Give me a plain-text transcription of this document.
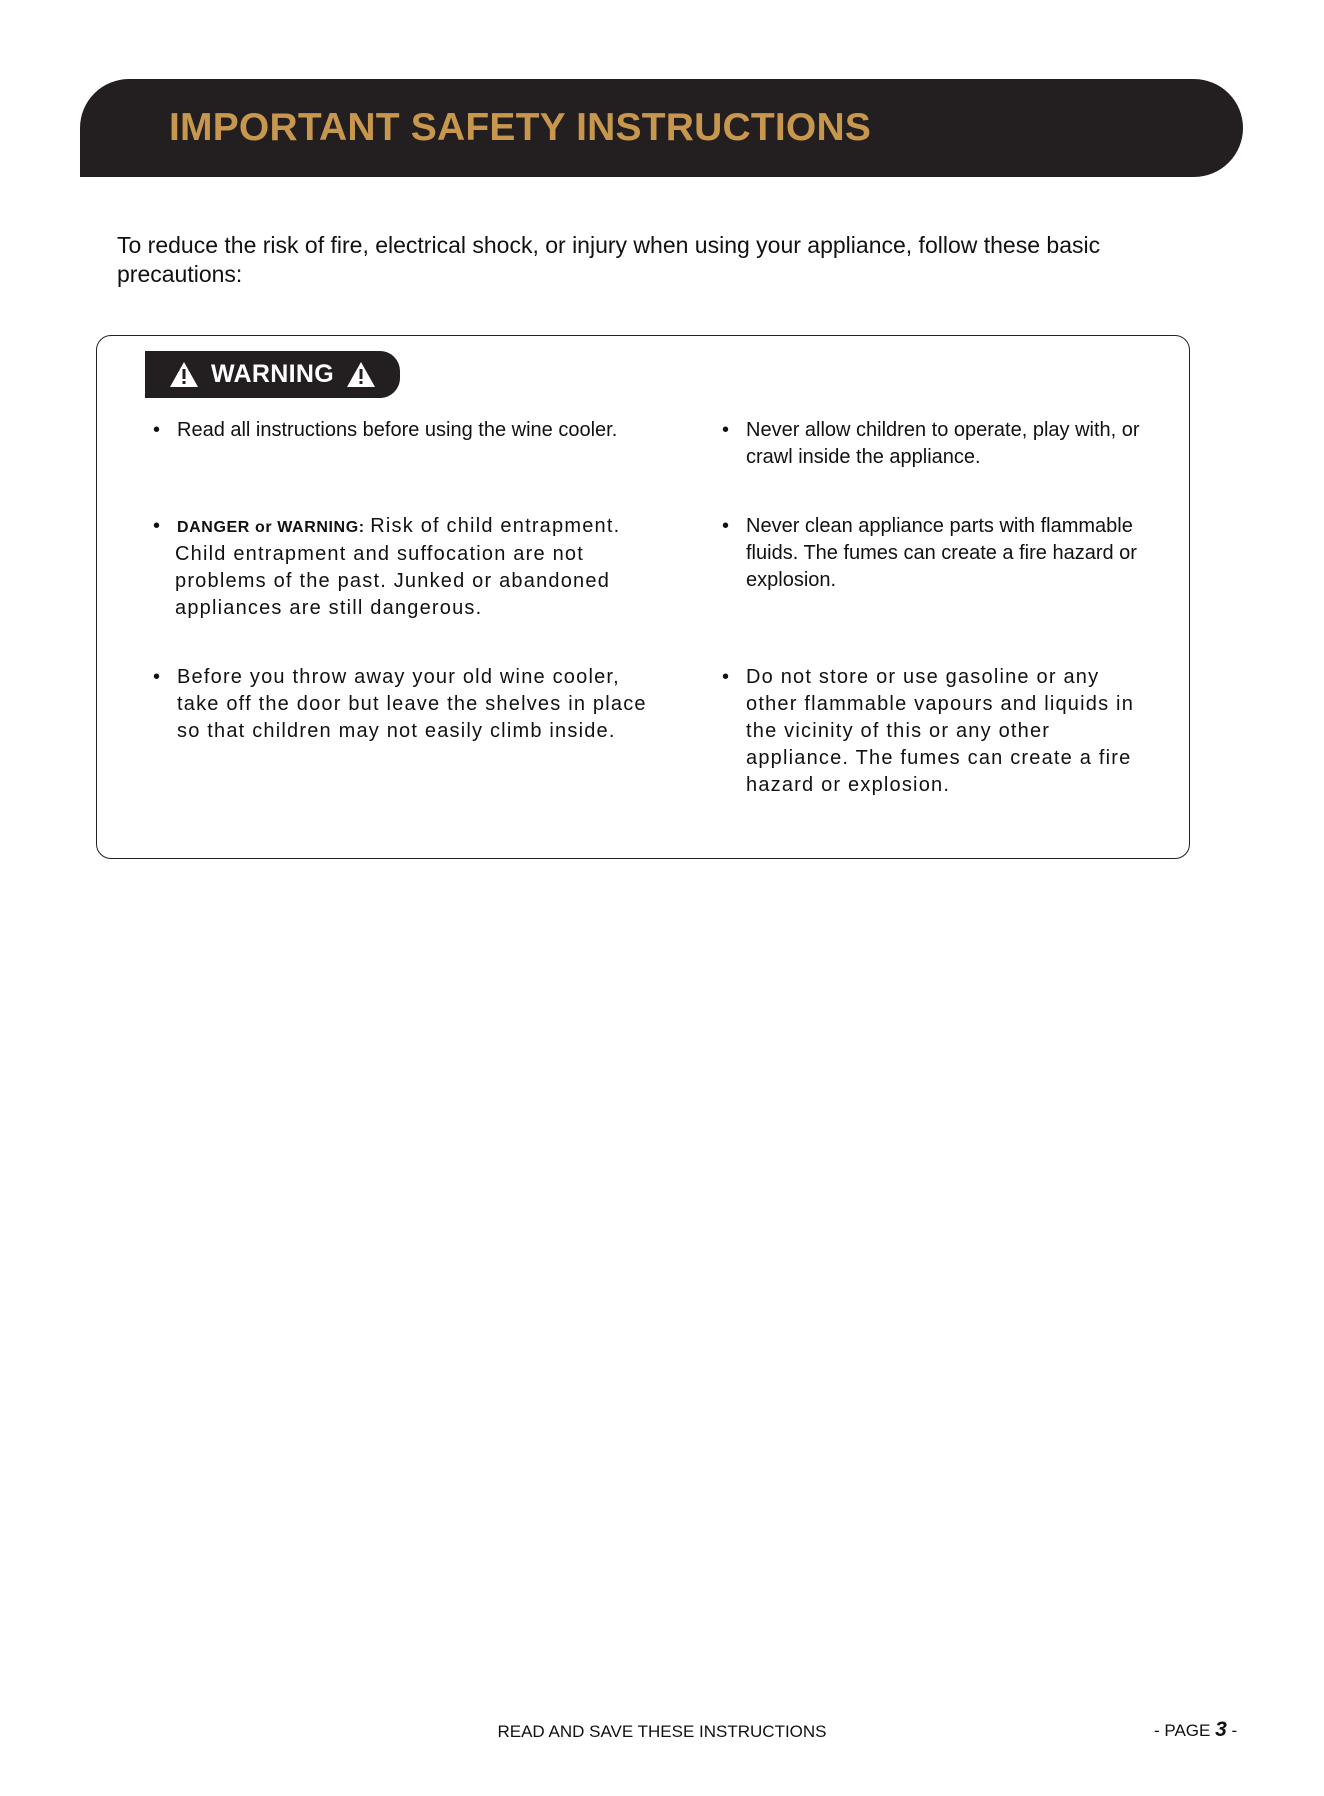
IMPORTANT SAFETY INSTRUCTIONS
To reduce the risk of fire, electrical shock, or injury when using your appliance, follow these basic precautions:
WARNING
• Read all instructions before using the wine cooler.

• DANGER or WARNING: Risk of child entrapment.

Child entrapment and suffocation are not problems of the past. Junked or abandoned appliances are still dangerous.

• Before you throw away your old wine cooler, take off the door but leave the shelves in place so that children may not easily climb inside.

• Never allow children to operate, play with, or crawl inside the appliance.

• Never clean appliance parts with flammable fluids. The fumes can create a fire hazard or explosion.

• Do not store or use gasoline or any other flammable vapours and liquids in the vicinity of this or any other appliance. The fumes can create a fire hazard or explosion.

READ AND SAVE THESE INSTRUCTIONS	- PAGE 3 -
